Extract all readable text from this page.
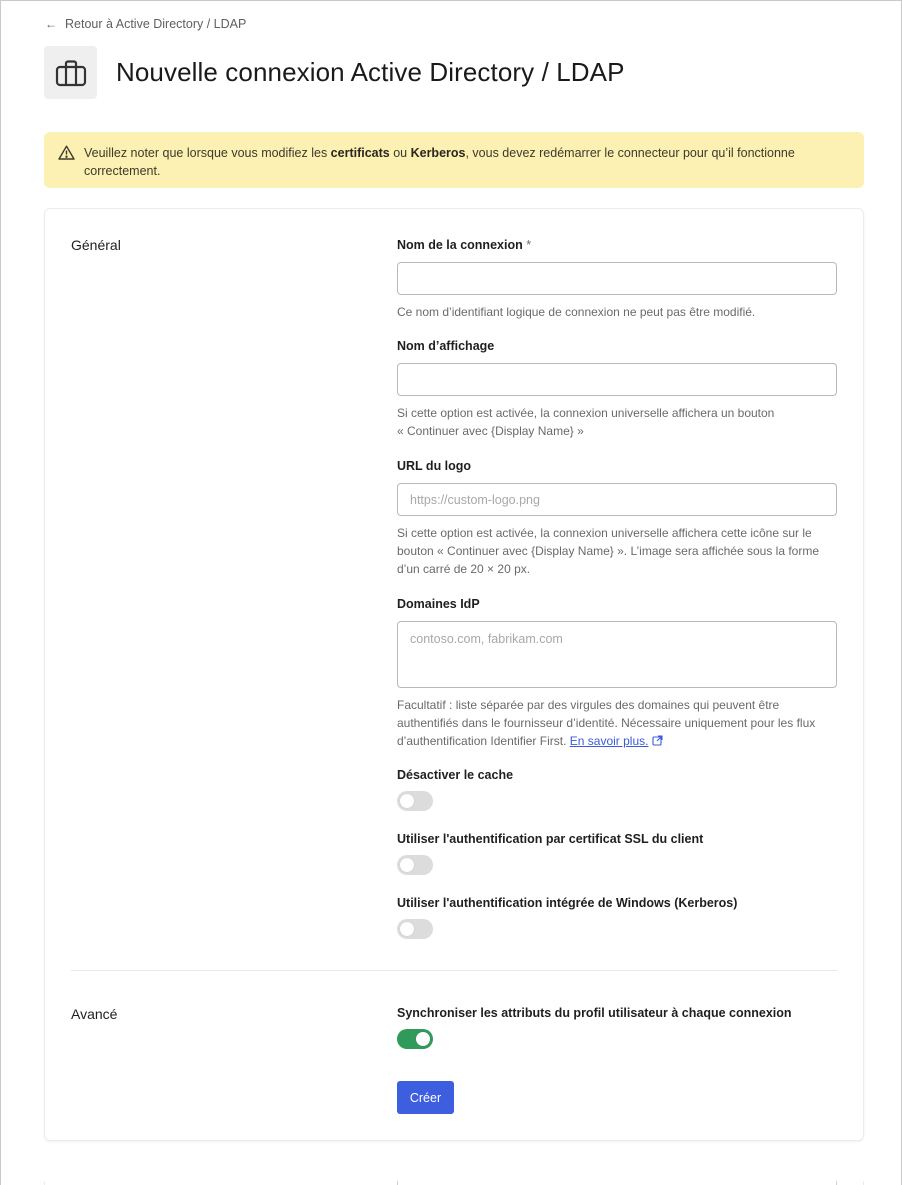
← Retour à Active Directory / LDAP
Nouvelle connexion Active Directory / LDAP
Veuillez noter que lorsque vous modifiez les certificats ou Kerberos, vous devez redémarrer le connecteur pour qu’il fonctionne correctement.
Général	Nom de la connexion *
Ce nom d’identifiant logique de connexion ne peut pas être modifié.
Nom d’affichage
Si cette option est activée, la connexion universelle affichera un bouton
« Continuer avec {Display Name} »
URL du logo
https://custom-logo.png
Si cette option est activée, la connexion universelle affichera cette icône sur le bouton « Continuer avec {Display Name} ». L’image sera affichée sous la forme d’un carré de 20 × 20 px.
Domaines IdP
contoso.com, fabrikam.com
Facultatif : liste séparée par des virgules des domaines qui peuvent être authentifiés dans le fournisseur d’identité. Nécessaire uniquement pour les flux d’authentification Identifier First. En savoir plus.
Désactiver le cache
Utiliser l'authentification par certificat SSL du client
Utiliser l'authentification intégrée de Windows (Kerberos)
Avancé	Synchroniser les attributs du profil utilisateur à chaque connexion
Créer
